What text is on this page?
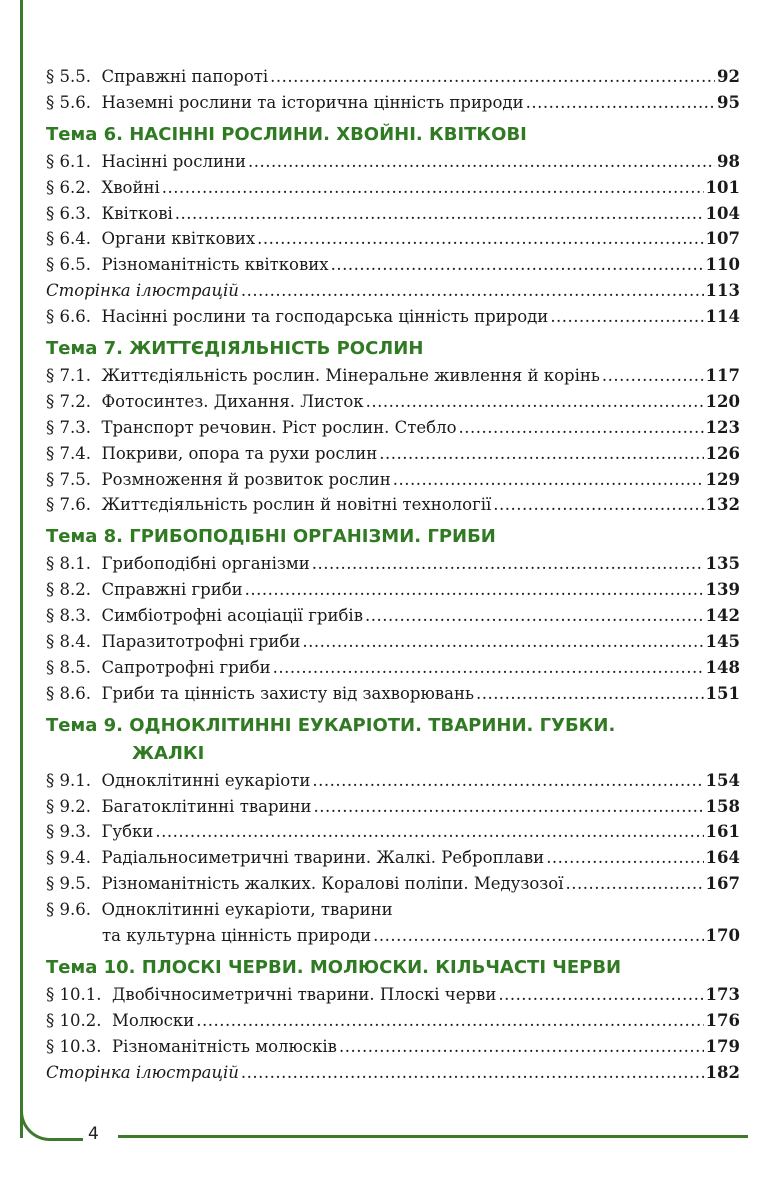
4
§ 5.5. Справжні папороті .....	92
§ 5.6. Наземні рослини та історична цінність природи .....	95
Тема 6. НАСІННІ РОСЛИНИ. ХВОЙНІ. КВІТКОВІ
§ 6.1. Насінні рослини .....	98
§ 6.2. Хвойні .....	101
§ 6.3. Квіткові .....	104
§ 6.4. Органи квіткових .....	107
§ 6.5. Різноманітність квіткових .....	110
Сторінка ілюстрацій .....	113
§ 6.6. Насінні рослини та господарська цінність природи .....	114
Тема 7. ЖИТТЄДІЯЛЬНІСТЬ РОСЛИН
§ 7.1. Життєдіяльність рослин. Мінеральне живлення й корінь .....	117
§ 7.2. Фотосинтез. Дихання. Листок .....	120
§ 7.3. Транспорт речовин. Ріст рослин. Стебло .....	123
§ 7.4. Покриви, опора та рухи рослин .....	126
§ 7.5. Розмноження й розвиток рослин .....	129
§ 7.6. Життєдіяльність рослин й новітні технології .....	132
Тема 8. ГРИБОПОДІБНІ ОРГАНІЗМИ. ГРИБИ
§ 8.1. Грибоподібні організми .....	135
§ 8.2. Справжні гриби .....	139
§ 8.3. Симбіотрофні асоціації грибів .....	142
§ 8.4. Паразитотрофні гриби .....	145
§ 8.5. Сапротрофні гриби .....	148
§ 8.6. Гриби та цінність захисту від захворювань .....	151
Тема 9. ОДНОКЛІТИННІ ЕУКАРІОТИ. ТВАРИНИ. ГУБКИ.
ЖАЛКІ
§ 9.1. Одноклітинні еукаріоти .....	154
§ 9.2. Багатоклітинні тварини .....	158
§ 9.3. Губки .....	161
§ 9.4. Радіальносиметричні тварини. Жалкі. Реброплави .....	164
§ 9.5. Різноманітність жалких. Коралові поліпи. Медузозої .....	167
§ 9.6. Одноклітинні еукаріоти, тварини
та культурна цінність природи .....	170
Тема 10. ПЛОСКІ ЧЕРВИ. МОЛЮСКИ. КІЛЬЧАСТІ ЧЕРВИ
§ 10.1. Двобічносиметричні тварини. Плоскі черви .....	173
§ 10.2. Молюски .....	176
§ 10.3. Різноманітність молюсків .....	179
Сторінка ілюстрацій .....	182
